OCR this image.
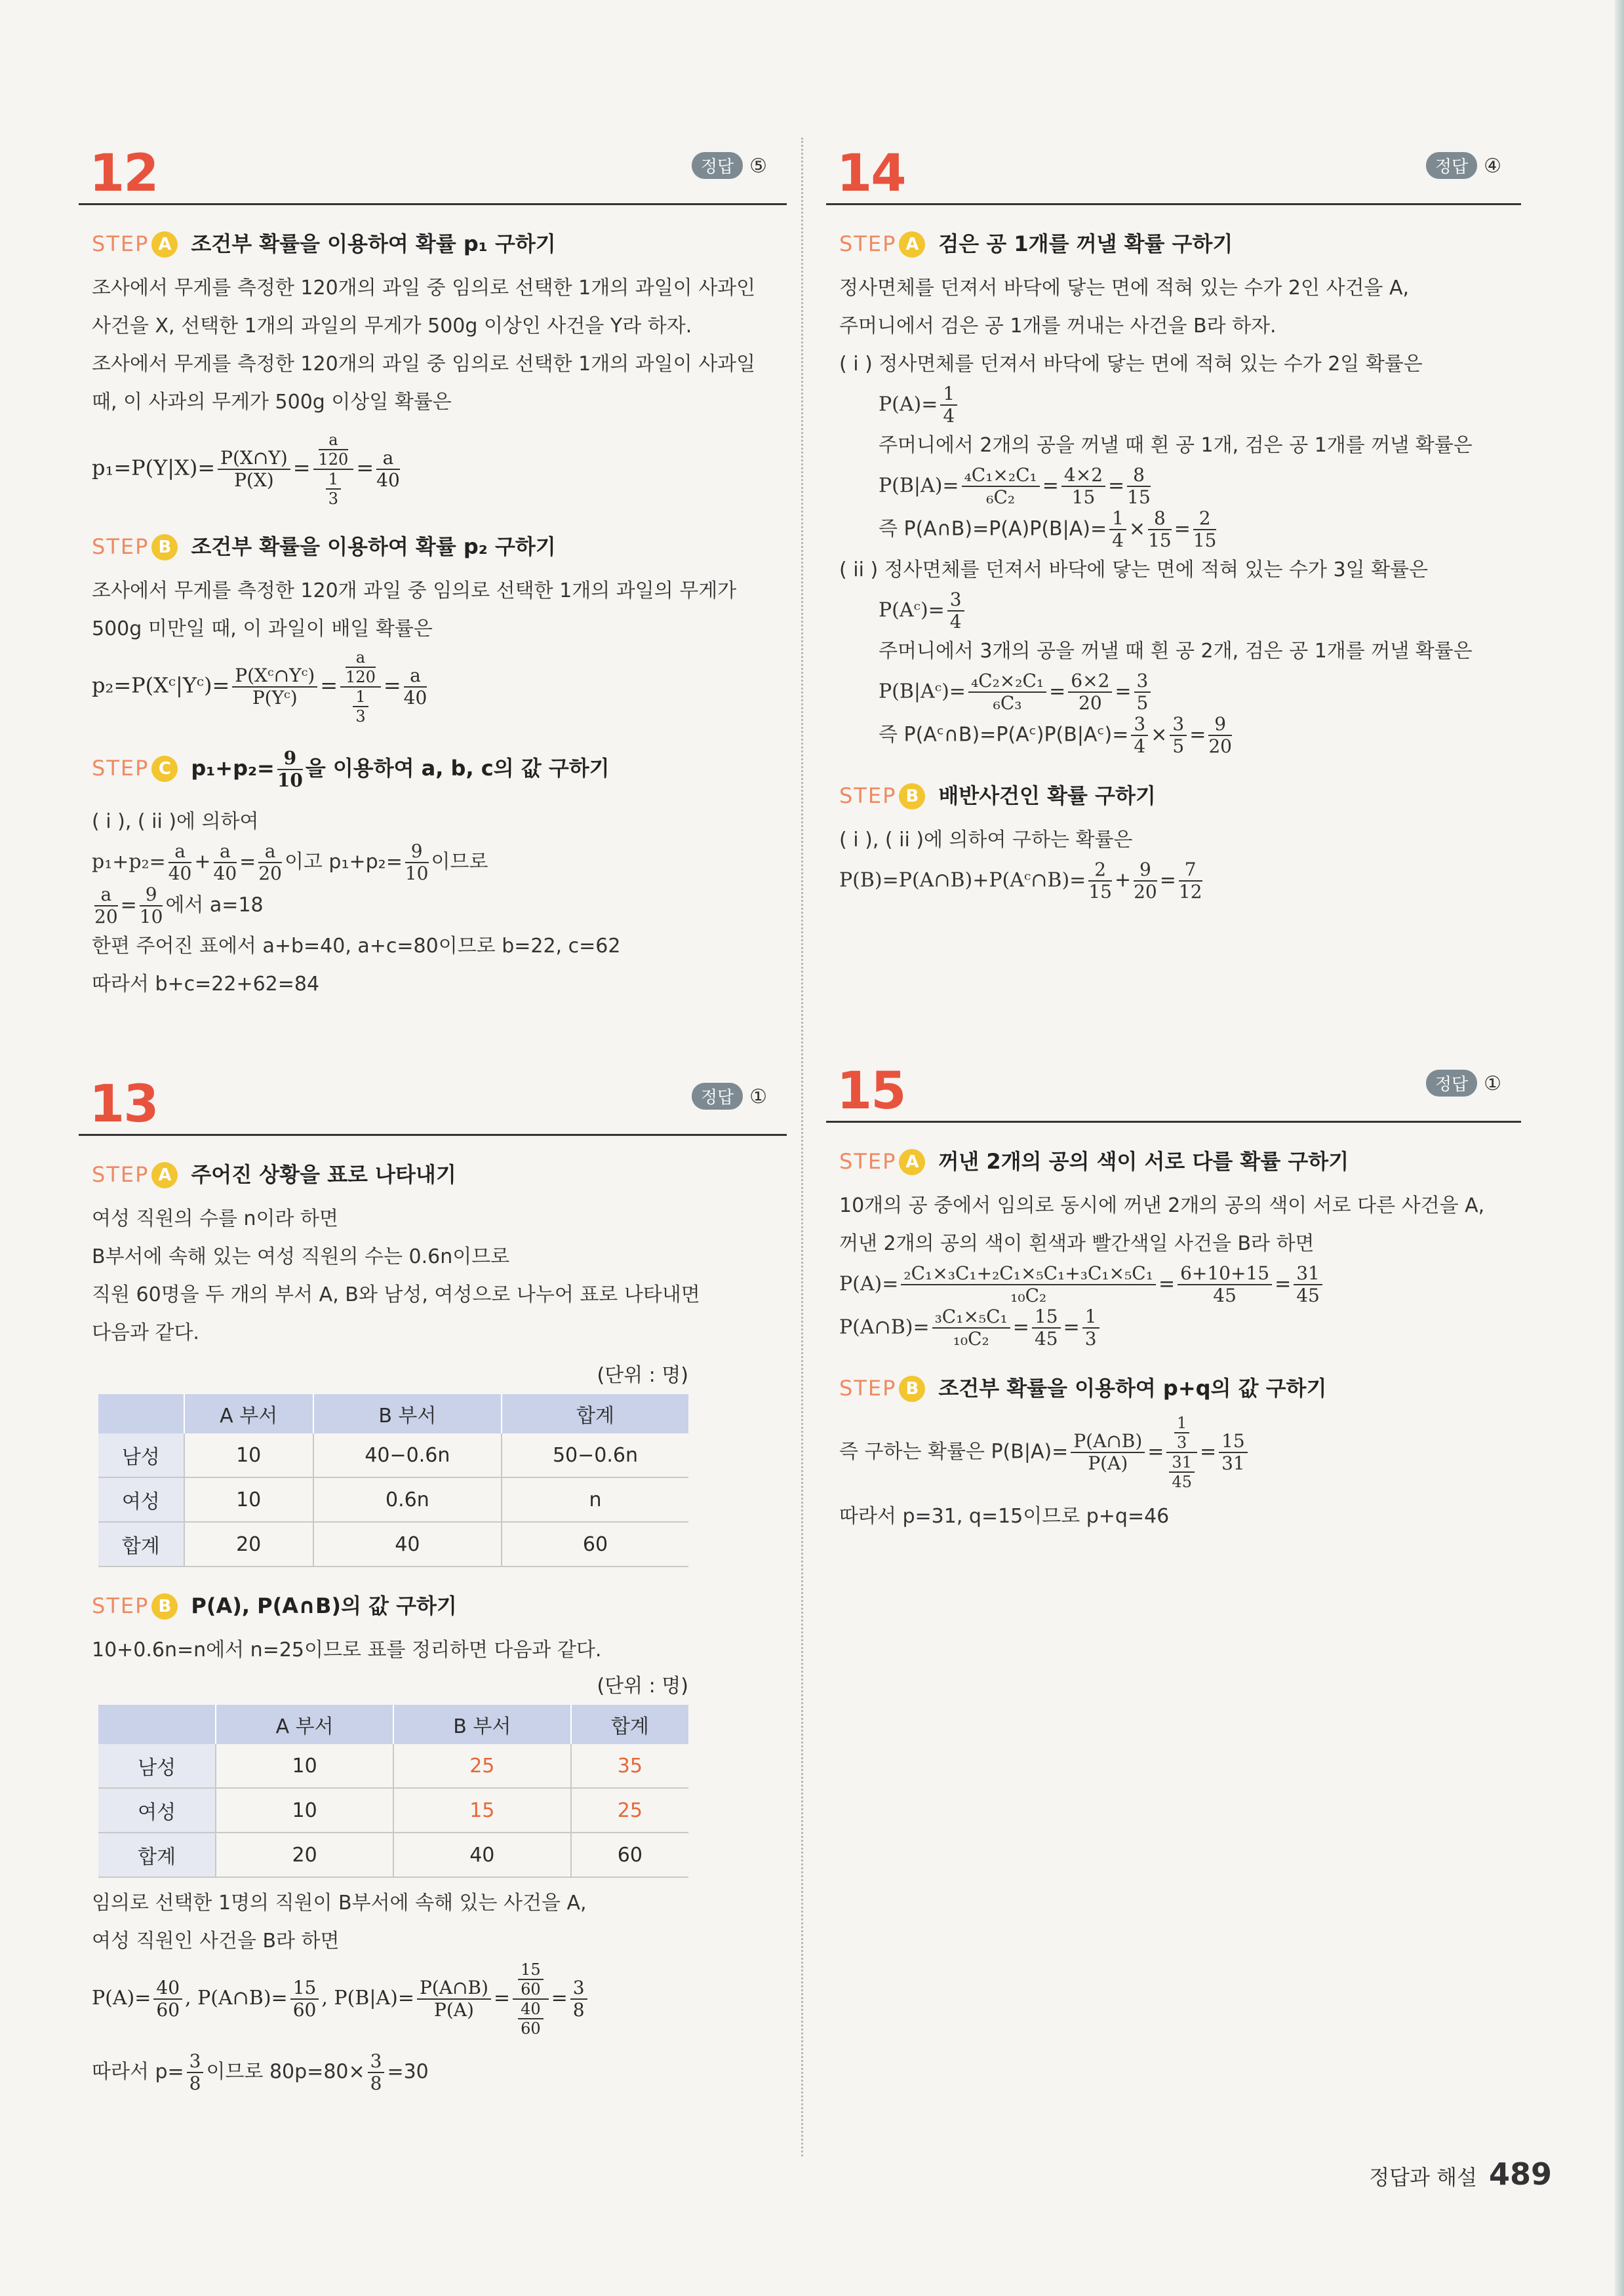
12	정답 ⑤
STEP A 조건부 확률을 이용하여 확률 p₁ 구하기
조사에서 무게를 측정한 120개의 과일 중 임의로 선택한 1개의 과일이 사과인
사건을 X, 선택한 1개의 과일의 무게가 500g 이상인 사건을 Y라 하자.
조사에서 무게를 측정한 120개의 과일 중 임의로 선택한 1개의 과일이 사과일
때, 이 사과의 무게가 500g 이상일 확률은
$p_1=P(Y|X)= \frac{P(X\cap Y)}{P(X)} = \frac{\frac{a}{120}}{\frac{1}{3}} = \frac{a}{40}$
STEP B 조건부 확률을 이용하여 확률 p₂ 구하기
조사에서 무게를 측정한 120개 과일 중 임의로 선택한 1개의 과일의 무게가
500g 미만일 때, 이 과일이 배일 확률은
p₂=P(Xᶜ|Yᶜ)= $\frac{\text{P(Xᶜ∩Yᶜ)}}{\text{P(Yᶜ)}} = \frac{\frac{a}{120}}{\frac{1}{3}} = \frac{a}{40}$
STEP C $p_1+p_2= \frac{9}{10}$ 을 이용하여 a, b, c의 값 구하기
( i ), ( ii )에 의하여
$p_1+p_2= \frac{a}{40} + \frac{a}{40} = \frac{a}{20}$ 이고 $p_1+p_2= \frac{9}{10}$ 이므로
$\frac{a}{20} = \frac{9}{10}$ 에서 a=18
한편 주어진 표에서 a+b=40, a+c=80이므로 b=22, c=62
따라서 b+c=22+62=84
13	정답 ①
STEP A 주어진 상황을 표로 나타내기
여성 직원의 수를 n이라 하면
B부서에 속해 있는 여성 직원의 수는 0.6n이므로
직원 60명을 두 개의 부서 A, B와 남성, 여성으로 나누어 표로 나타내면
다음과 같다.
(단위 : 명)
	A 부서	B 부서	합계
남성	10	40−0.6n	50−0.6n
여성	10	0.6n	n
합계	20	40	60
STEP B P(A), P(A∩B)의 값 구하기
10+0.6n=n에서 n=25이므로 표를 정리하면 다음과 같다.
(단위 : 명)
	A 부서	B 부서	합계
남성	10	25	35
여성	10	15	25
합계	20	40	60
임의로 선택한 1명의 직원이 B부서에 속해 있는 사건을 A,
여성 직원인 사건을 B라 하면
$P(A)= \frac{40}{60}$ , P(A∩B)= $\frac{15}{60}$ , $P(B|A)= \frac{P(A\cap B)}{P(A)} = \frac{\frac{15}{60}}{\frac{40}{60}} = \frac{3}{8}$
따라서 $p= \frac{3}{8}$ 이므로 $80p=80\times \frac{3}{8} =30$
14	정답 ④
STEP A 검은 공 1개를 꺼낼 확률 구하기
정사면체를 던져서 바닥에 닿는 면에 적혀 있는 수가 2인 사건을 A,
주머니에서 검은 공 1개를 꺼내는 사건을 B라 하자.
( i ) 정사면체를 던져서 바닥에 닿는 면에 적혀 있는 수가 2일 확률은
$P(A)= \frac{1}{4}$
주머니에서 2개의 공을 꺼낼 때 흰 공 1개, 검은 공 1개를 꺼낼 확률은
$P(B|A)= \frac{\text{₄C₁×₂C₁}}{\text{₆C₂}} = \frac{4\times 2}{15} = \frac{8}{15}$
즉 P(A∩B)=P(A)P(B|A)= $\frac{1}{4} \times \frac{8}{15} = \frac{2}{15}$
( ii ) 정사면체를 던져서 바닥에 닿는 면에 적혀 있는 수가 3일 확률은
P(Aᶜ)= $\frac{3}{4}$
주머니에서 3개의 공을 꺼낼 때 흰 공 2개, 검은 공 1개를 꺼낼 확률은
P(B|Aᶜ)= $\frac{\text{₄C₂×₂C₁}}{\text{₆C₃}} = \frac{6\times 2}{20} = \frac{3}{5}$
즉 P(Aᶜ∩B)=P(Aᶜ)P(B|Aᶜ)= $\frac{3}{4} \times \frac{3}{5} = \frac{9}{20}$
STEP B 배반사건인 확률 구하기
( i ), ( ii )에 의하여 구하는 확률은
P(B)=P(A∩B)+P(Aᶜ∩B)= $\frac{2}{15} + \frac{9}{20} = \frac{7}{12}$
15	정답 ①
STEP A 꺼낸 2개의 공의 색이 서로 다를 확률 구하기
10개의 공 중에서 임의로 동시에 꺼낸 2개의 공의 색이 서로 다른 사건을 A,
꺼낸 2개의 공의 색이 흰색과 빨간색일 사건을 B라 하면
$P(A)= \frac{\text{₂C₁×₃C₁+₂C₁×₅C₁+₃C₁×₅C₁}}{\text{₁₀C₂}} = \frac{6+10+15}{45} = \frac{31}{45}$
P(A∩B)= $\frac{\text{₃C₁×₅C₁}}{\text{₁₀C₂}} = \frac{15}{45} = \frac{1}{3}$
STEP B 조건부 확률을 이용하여 p+q의 값 구하기
즉 구하는 확률은 $P(B|A)= \frac{P(A\cap B)}{P(A)} = \frac{\frac{1}{3}}{\frac{31}{45}} = \frac{15}{31}$
따라서 p=31, q=15이므로 p+q=46
정답과 해설 489
